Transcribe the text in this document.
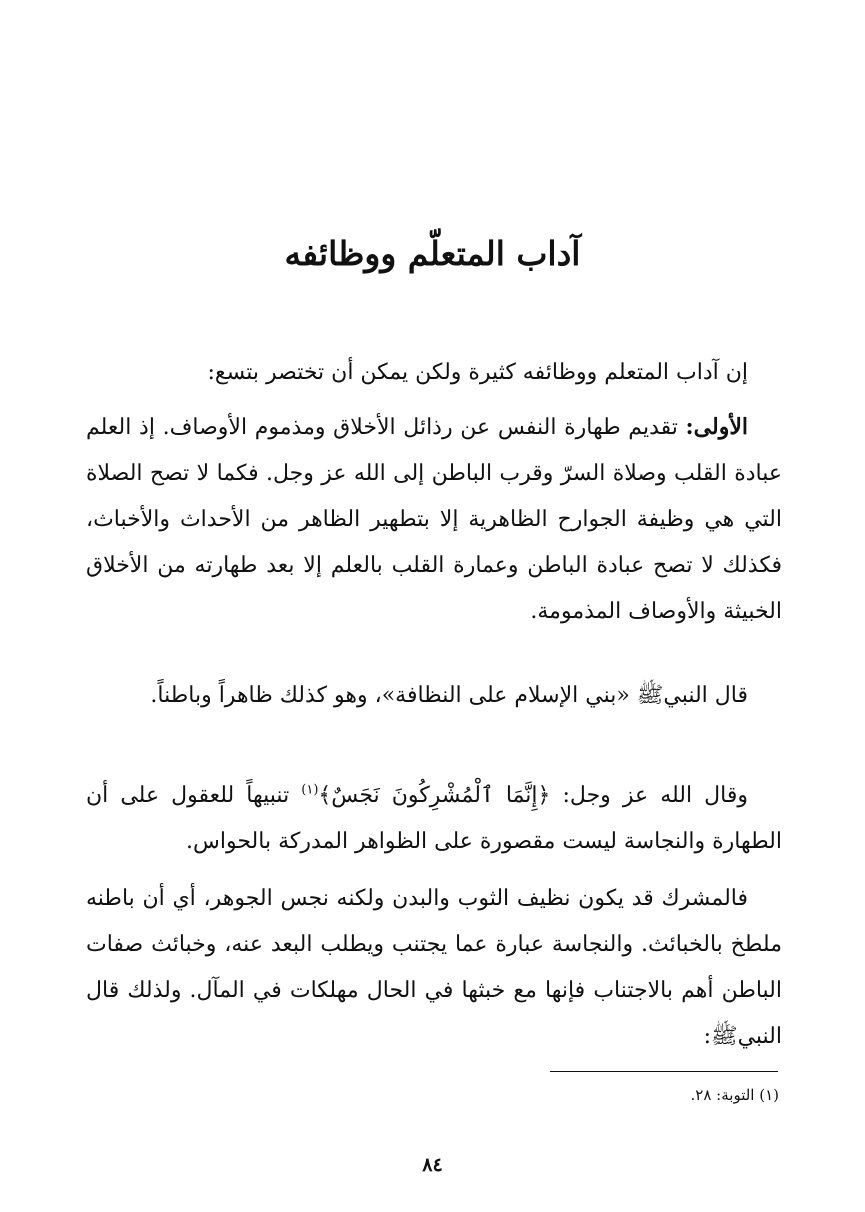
آداب المتعلّم ووظائفه

إن آداب المتعلم ووظائفه كثيرة ولكن يمكن أن تختصر بتسع:

الأولى: تقديم طهارة النفس عن رذائل الأخلاق ومذموم الأوصاف. إذ العلم عبادة القلب وصلاة السرّ وقرب الباطن إلى الله عز وجل. فكما لا تصح الصلاة التي هي وظيفة الجوارح الظاهرية إلا بتطهير الظاهر من الأحداث والأخباث، فكذلك لا تصح عبادة الباطن وعمارة القلب بالعلم إلا بعد طهارته من الأخلاق الخبيثة والأوصاف المذمومة.

قال النبيﷺ «بني الإسلام على النظافة»، وهو كذلك ظاهراً وباطناً.

وقال الله عز وجل: ﴿إِنَّمَا ٱلْمُشْرِكُونَ نَجَسٌ﴾$^{(١)}$ تنبيهاً للعقول على أن الطهارة والنجاسة ليست مقصورة على الظواهر المدركة بالحواس.

فالمشرك قد يكون نظيف الثوب والبدن ولكنه نجس الجوهر، أي أن باطنه ملطخ بالخبائث. والنجاسة عبارة عما يجتنب ويطلب البعد عنه، وخبائث صفات الباطن أهم بالاجتناب فإنها مع خبثها في الحال مهلكات في المآل. ولذلك قال النبيﷺ:

(١) التوبة: ٢٨.

٨٤
